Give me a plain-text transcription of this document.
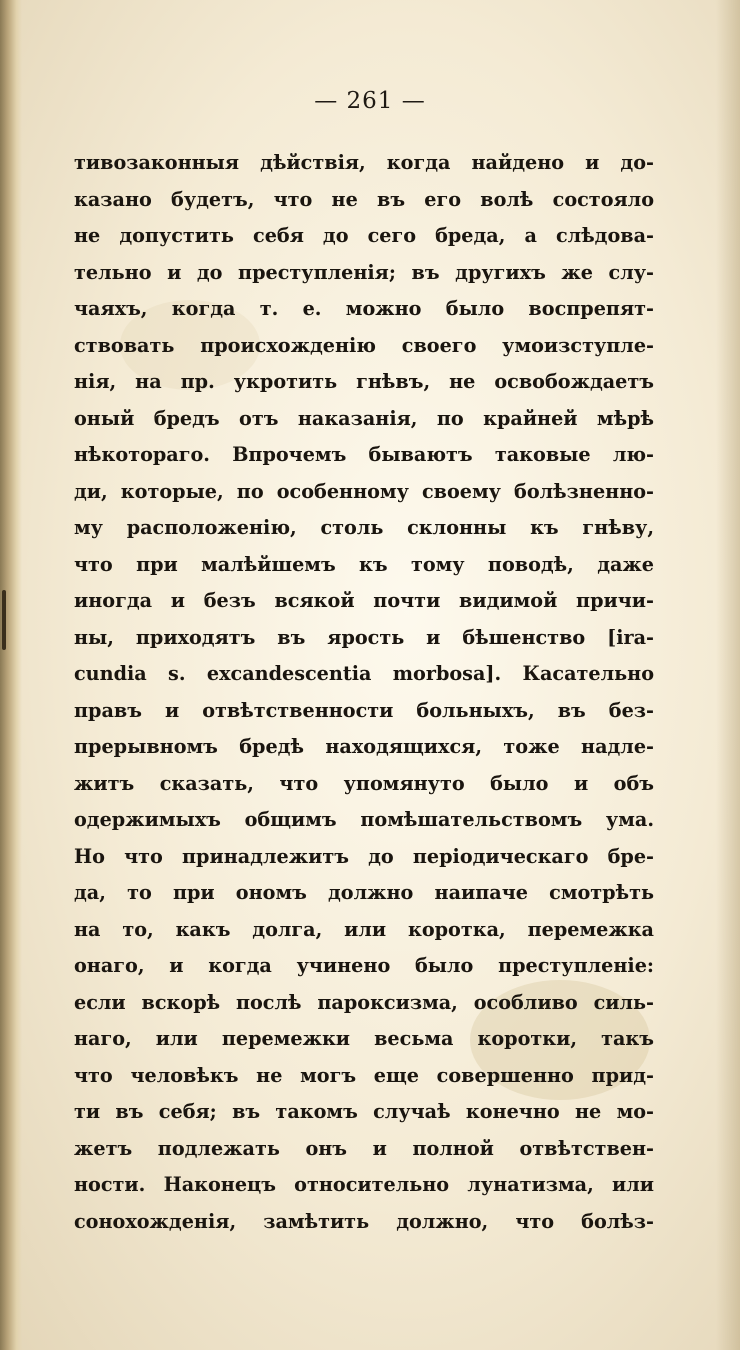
— 261 —
тивозаконныя дѣйствія, когда найдено и до-
казано будетъ, что не въ его волѣ состояло
не допустить себя до сего бреда, а слѣдова-
тельно и до преступленія; въ другихъ же слу-
чаяхъ, когда т. е. можно было воспрепят-
ствовать происхожденію своего умоизступле-
нія, на пр. укротить гнѣвъ, не освобождаетъ
оный бредъ отъ наказанія, по крайней мѣрѣ
нѣкотораго. Впрочемъ бываютъ таковые лю-
ди, которые, по особенному своему болѣзненно-
му расположенію, столь склонны къ гнѣву,
что при малѣйшемъ къ тому поводѣ, даже
иногда и безъ всякой почти видимой причи-
ны, приходятъ въ ярость и бѣшенство [ira-
cundia s. excandescentia morbosa]. Касательно
правъ и отвѣтственности больныхъ, въ без-
прерывномъ бредѣ находящихся, тоже надле-
житъ сказать, что упомянуто было и объ
одержимыхъ общимъ помѣшательствомъ ума.
Но что принадлежитъ до періодическаго бре-
да, то при ономъ должно наипаче смотрѣть
на то, какъ долга, или коротка, перемежка
онаго, и когда учинено было преступленіе:
если вскорѣ послѣ пароксизма, особливо силь-
наго, или перемежки весьма коротки, такъ
что человѣкъ не могъ еще совершенно прид-
ти въ себя; въ такомъ случаѣ конечно не мо-
жетъ подлежать онъ и полной отвѣтствен-
ности. Наконецъ относительно лунатизма, или
сонохожденія, замѣтить должно, что болѣз-
